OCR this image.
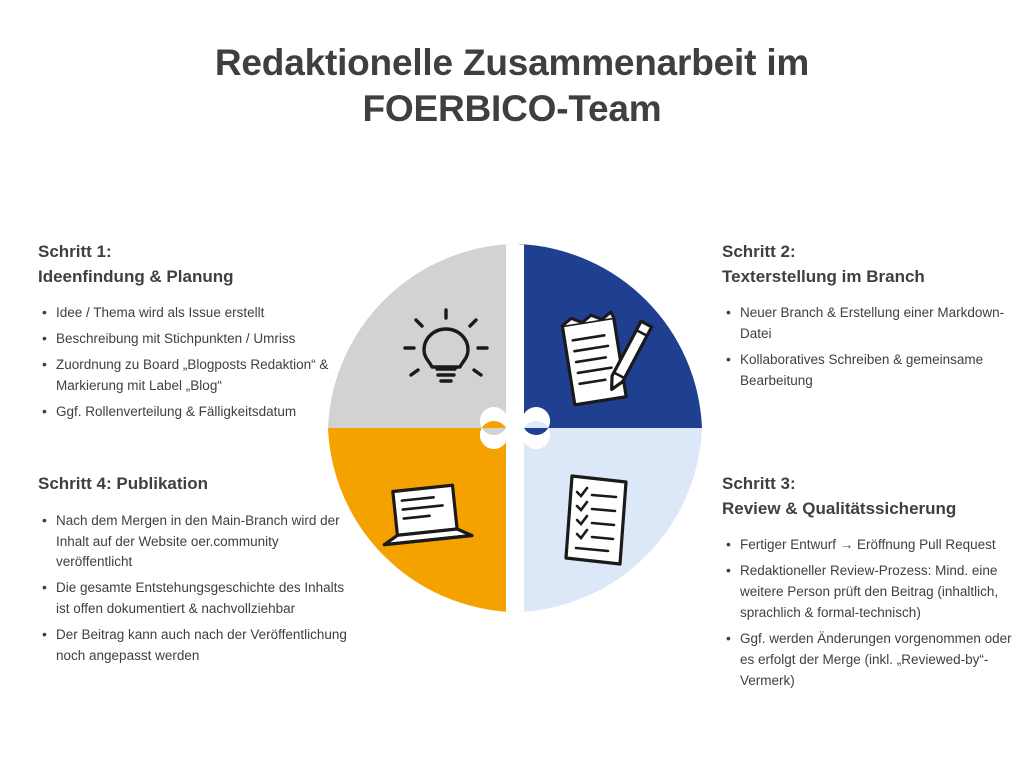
Redaktionelle Zusammenarbeit im
FOERBICO-Team
Schritt 1:
Ideenfindung & Planung
• Idee / Thema wird als Issue erstellt
• Beschreibung mit Stichpunkten / Umriss
• Zuordnung zu Board „Blogposts Redaktion“ & Markierung mit Label „Blog“
• Ggf. Rollenverteilung & Fälligkeitsdatum
Schritt 2:
Texterstellung im Branch
• Neuer Branch & Erstellung einer Markdown-Datei
• Kollaboratives Schreiben & gemeinsame Bearbeitung
Schritt 4: Publikation
• Nach dem Mergen in den Main-Branch wird der Inhalt auf der Website oer.community veröffentlicht
• Die gesamte Entstehungsgeschichte des Inhalts ist offen dokumentiert & nachvollziehbar
• Der Beitrag kann auch nach der Veröffentlichung noch angepasst werden
Schritt 3:
Review & Qualitätssicherung
• Fertiger Entwurf → Eröffnung Pull Request
• Redaktioneller Review-Prozess: Mind. eine weitere Person prüft den Beitrag (inhaltlich, sprachlich & formal-technisch)
• Ggf. werden Änderungen vorgenommen oder es erfolgt der Merge (inkl. „Reviewed-by“-Vermerk)
